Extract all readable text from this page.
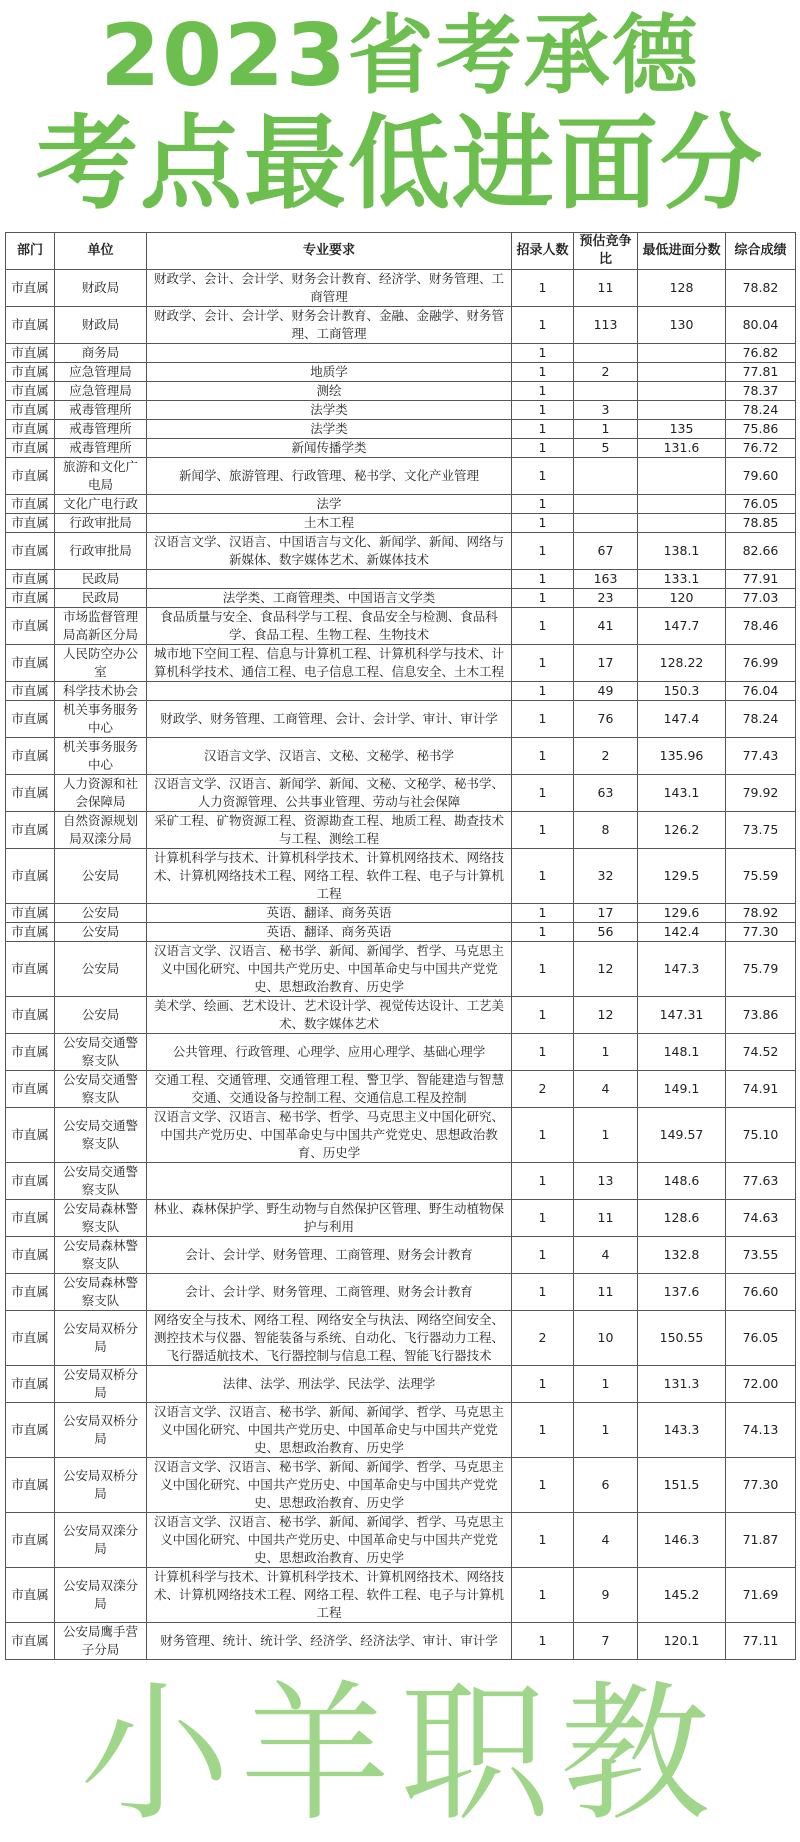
2023省考承德
考点最低进面分
部门	单位	专业要求	招录人数	预估竞争比	最低进面分数	综合成绩
市直属	财政局	财政学、会计、会计学、财务会计教育、经济学、财务管理、工商管理	1	11	128	78.82
市直属	财政局	财政学、会计、会计学、财务会计教育、金融、金融学、财务管理、工商管理	1	113	130	80.04
市直属	商务局		1			76.82
市直属	应急管理局	地质学	1	2		77.81
市直属	应急管理局	测绘	1			78.37
市直属	戒毒管理所	法学类	1	3		78.24
市直属	戒毒管理所	法学类	1	1	135	75.86
市直属	戒毒管理所	新闻传播学类	1	5	131.6	76.72
市直属	旅游和文化广电局	新闻学、旅游管理、行政管理、秘书学、文化产业管理	1			79.60
市直属	文化广电行政	法学	1			76.05
市直属	行政审批局	土木工程	1			78.85
市直属	行政审批局	汉语言文学、汉语言、中国语言与文化、新闻学、新闻、网络与新媒体、数字媒体艺术、新媒体技术	1	67	138.1	82.66
市直属	民政局		1	163	133.1	77.91
市直属	民政局	法学类、工商管理类、中国语言文学类	1	23	120	77.03
市直属	市场监督管理局高新区分局	食品质量与安全、食品科学与工程、食品安全与检测、食品科学、食品工程、生物工程、生物技术	1	41	147.7	78.46
市直属	人民防空办公室	城市地下空间工程、信息与计算机工程、计算机科学与技术、计算机科学技术、通信工程、电子信息工程、信息安全、土木工程	1	17	128.22	76.99
市直属	科学技术协会		1	49	150.3	76.04
市直属	机关事务服务中心	财政学、财务管理、工商管理、会计、会计学、审计、审计学	1	76	147.4	78.24
市直属	机关事务服务中心	汉语言文学、汉语言、文秘、文秘学、秘书学	1	2	135.96	77.43
市直属	人力资源和社会保障局	汉语言文学、汉语言、新闻学、新闻、文秘、文秘学、秘书学、人力资源管理、公共事业管理、劳动与社会保障	1	63	143.1	79.92
市直属	自然资源规划局双滦分局	采矿工程、矿物资源工程、资源勘查工程、地质工程、勘查技术与工程、测绘工程	1	8	126.2	73.75
市直属	公安局	计算机科学与技术、计算机科学技术、计算机网络技术、网络技术、计算机网络技术工程、网络工程、软件工程、电子与计算机工程	1	32	129.5	75.59
市直属	公安局	英语、翻译、商务英语	1	17	129.6	78.92
市直属	公安局	英语、翻译、商务英语	1	56	142.4	77.30
市直属	公安局	汉语言文学、汉语言、秘书学、新闻、新闻学、哲学、马克思主义中国化研究、中国共产党历史、中国革命史与中国共产党党史、思想政治教育、历史学	1	12	147.3	75.79
市直属	公安局	美术学、绘画、艺术设计、艺术设计学、视觉传达设计、工艺美术、数字媒体艺术	1	12	147.31	73.86
市直属	公安局交通警察支队	公共管理、行政管理、心理学、应用心理学、基础心理学	1	1	148.1	74.52
市直属	公安局交通警察支队	交通工程、交通管理、交通管理工程、警卫学、智能建造与智慧交通、交通设备与控制工程、交通信息工程及控制	2	4	149.1	74.91
市直属	公安局交通警察支队	汉语言文学、汉语言、秘书学、哲学、马克思主义中国化研究、中国共产党历史、中国革命史与中国共产党党史、思想政治教育、历史学	1	1	149.57	75.10
市直属	公安局交通警察支队		1	13	148.6	77.63
市直属	公安局森林警察支队	林业、森林保护学、野生动物与自然保护区管理、野生动植物保护与利用	1	11	128.6	74.63
市直属	公安局森林警察支队	会计、会计学、财务管理、工商管理、财务会计教育	1	4	132.8	73.55
市直属	公安局森林警察支队	会计、会计学、财务管理、工商管理、财务会计教育	1	11	137.6	76.60
市直属	公安局双桥分局	网络安全与技术、网络工程、网络安全与执法、网络空间安全、测控技术与仪器、智能装备与系统、自动化、飞行器动力工程、飞行器适航技术、飞行器控制与信息工程、智能飞行器技术	2	10	150.55	76.05
市直属	公安局双桥分局	法律、法学、刑法学、民法学、法理学	1	1	131.3	72.00
市直属	公安局双桥分局	汉语言文学、汉语言、秘书学、新闻、新闻学、哲学、马克思主义中国化研究、中国共产党历史、中国革命史与中国共产党党史、思想政治教育、历史学	1	1	143.3	74.13
市直属	公安局双桥分局	汉语言文学、汉语言、秘书学、新闻、新闻学、哲学、马克思主义中国化研究、中国共产党历史、中国革命史与中国共产党党史、思想政治教育、历史学	1	6	151.5	77.30
市直属	公安局双滦分局	汉语言文学、汉语言、秘书学、新闻、新闻学、哲学、马克思主义中国化研究、中国共产党历史、中国革命史与中国共产党党史、思想政治教育、历史学	1	4	146.3	71.87
市直属	公安局双滦分局	计算机科学与技术、计算机科学技术、计算机网络技术、网络技术、计算机网络技术工程、网络工程、软件工程、电子与计算机工程	1	9	145.2	71.69
市直属	公安局鹰手营子分局	财务管理、统计、统计学、经济学、经济法学、审计、审计学	1	7	120.1	77.11
小羊职教
